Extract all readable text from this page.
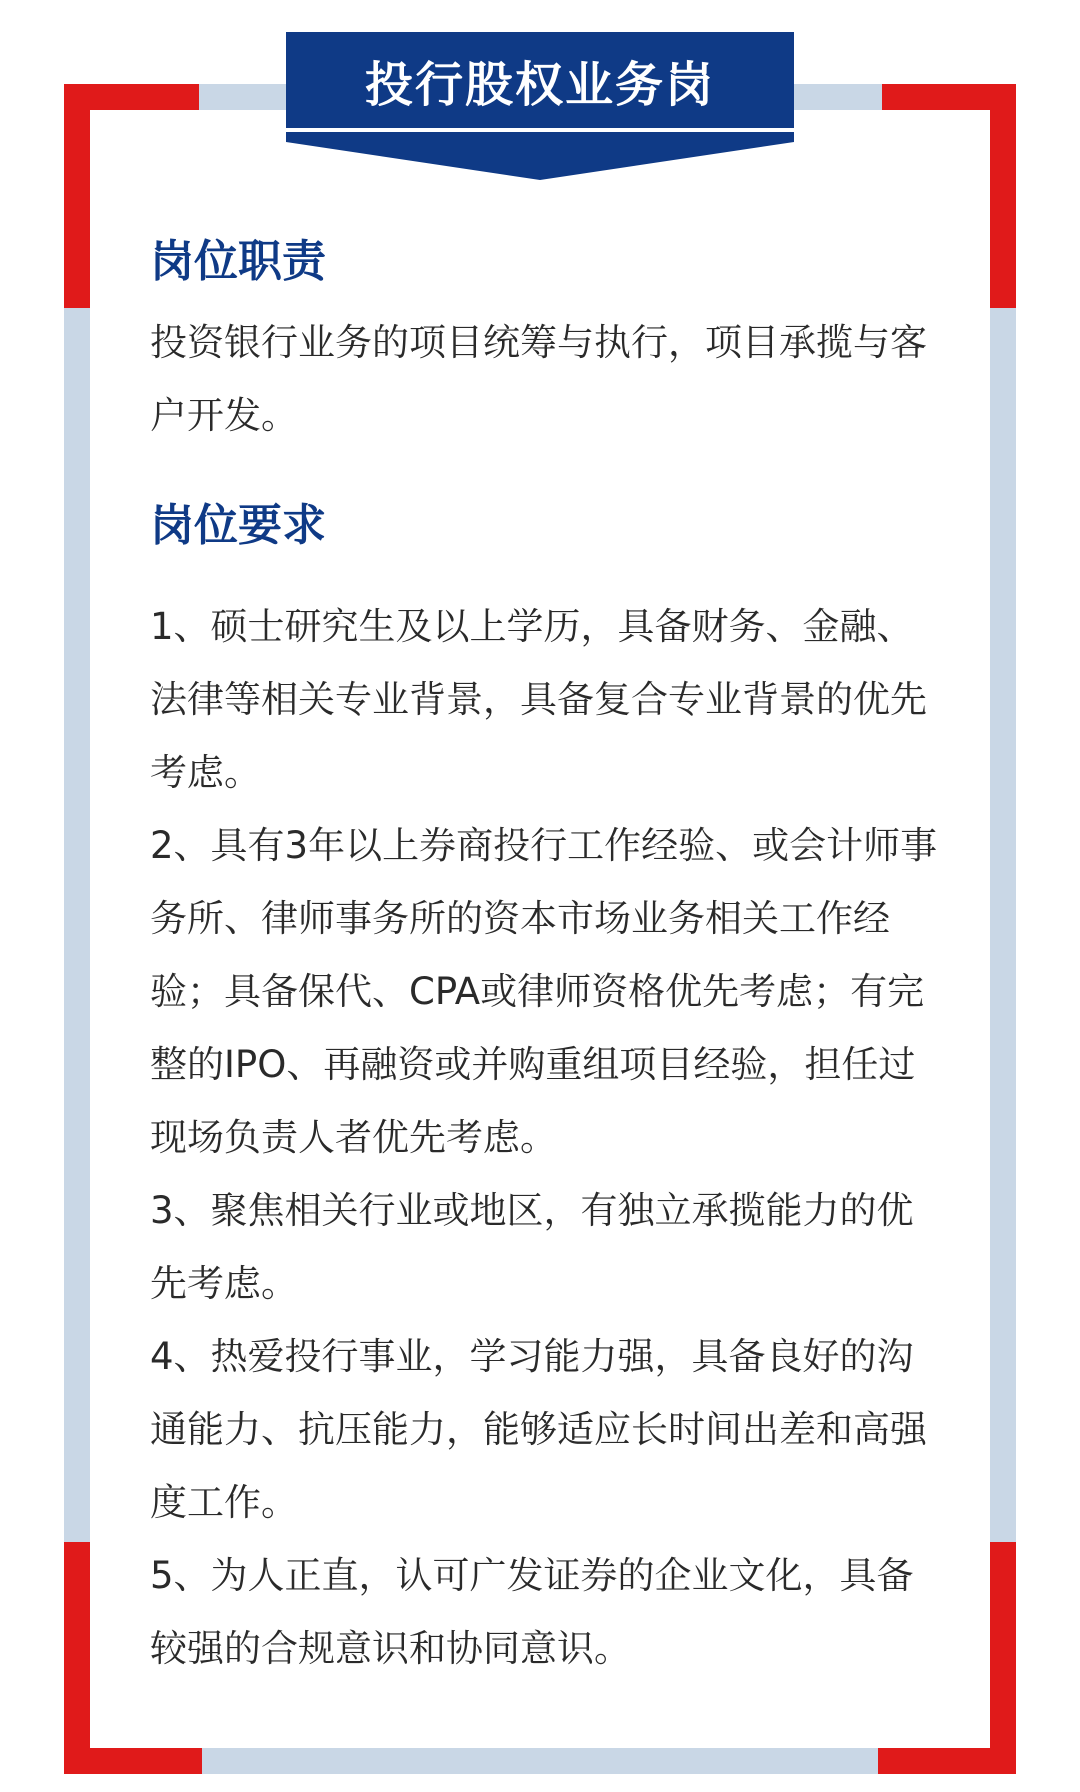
投行股权业务岗
岗位职责

投资银行业务的项目统筹与执行，项目承揽与客户开发。

岗位要求

1、硕士研究生及以上学历，具备财务、金融、法律等相关专业背景，具备复合专业背景的优先考虑。

2、具有3年以上券商投行工作经验、或会计师事务所、律师事务所的资本市场业务相关工作经验；具备保代、CPA或律师资格优先考虑；有完整的IPO、再融资或并购重组项目经验，担任过现场负责人者优先考虑。

3、聚焦相关行业或地区，有独立承揽能力的优先考虑。

4、热爱投行事业，学习能力强，具备良好的沟通能力、抗压能力，能够适应长时间出差和高强度工作。

5、为人正直，认可广发证券的企业文化，具备较强的合规意识和协同意识。
